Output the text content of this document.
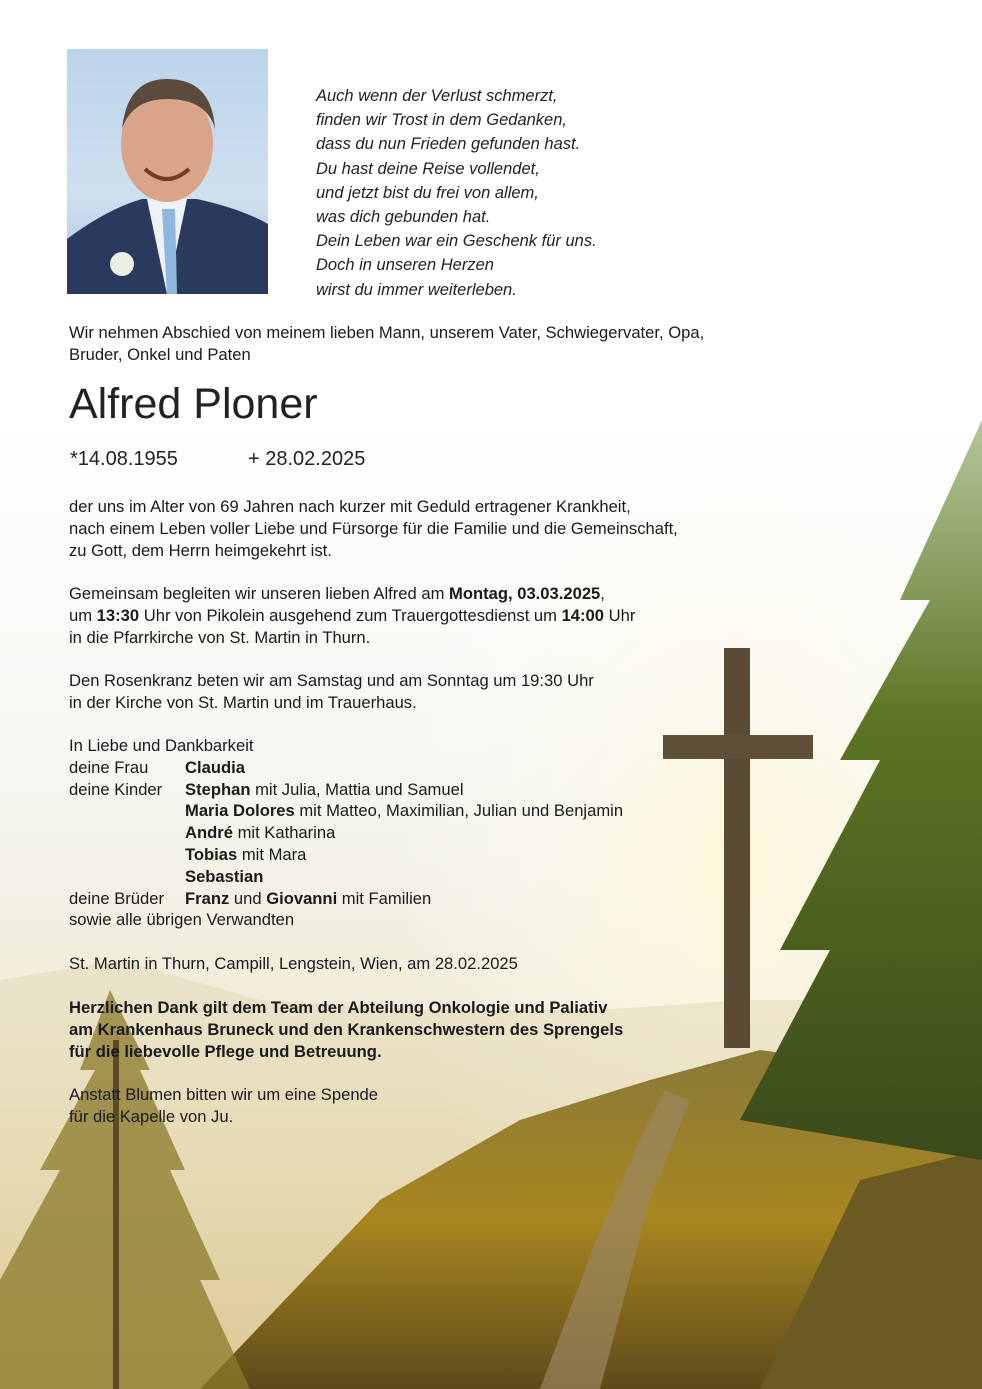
Auch wenn der Verlust schmerzt,
finden wir Trost in dem Gedanken,
dass du nun Frieden gefunden hast.
Du hast deine Reise vollendet,
und jetzt bist du frei von allem,
was dich gebunden hat.
Dein Leben war ein Geschenk für uns.
Doch in unseren Herzen
wirst du immer weiterleben.
Wir nehmen Abschied von meinem lieben Mann, unserem Vater, Schwiegervater, Opa,
Bruder, Onkel und Paten
Alfred Ploner
*14.08.1955	+ 28.02.2025
der uns im Alter von 69 Jahren nach kurzer mit Geduld ertragener Krankheit,
nach einem Leben voller Liebe und Fürsorge für die Familie und die Gemeinschaft,
zu Gott, dem Herrn heimgekehrt ist.
Gemeinsam begleiten wir unseren lieben Alfred am Montag, 03.03.2025,
um 13:30 Uhr von Pikolein ausgehend zum Trauergottesdienst um 14:00 Uhr
in die Pfarrkirche von St. Martin in Thurn.
Den Rosenkranz beten wir am Samstag und am Sonntag um 19:30 Uhr
in der Kirche von St. Martin und im Trauerhaus.
In Liebe und Dankbarkeit
deine Frau	Claudia
deine Kinder	Stephan mit Julia, Mattia und Samuel
Maria Dolores mit Matteo, Maximilian, Julian und Benjamin
André mit Katharina
Tobias mit Mara
Sebastian
deine Brüder	Franz und Giovanni mit Familien
sowie alle übrigen Verwandten
St. Martin in Thurn, Campill, Lengstein, Wien, am 28.02.2025
Herzlichen Dank gilt dem Team der Abteilung Onkologie und Paliativ
am Krankenhaus Bruneck und den Krankenschwestern des Sprengels
für die liebevolle Pflege und Betreuung.
Anstatt Blumen bitten wir um eine Spende
für die Kapelle von Ju.
